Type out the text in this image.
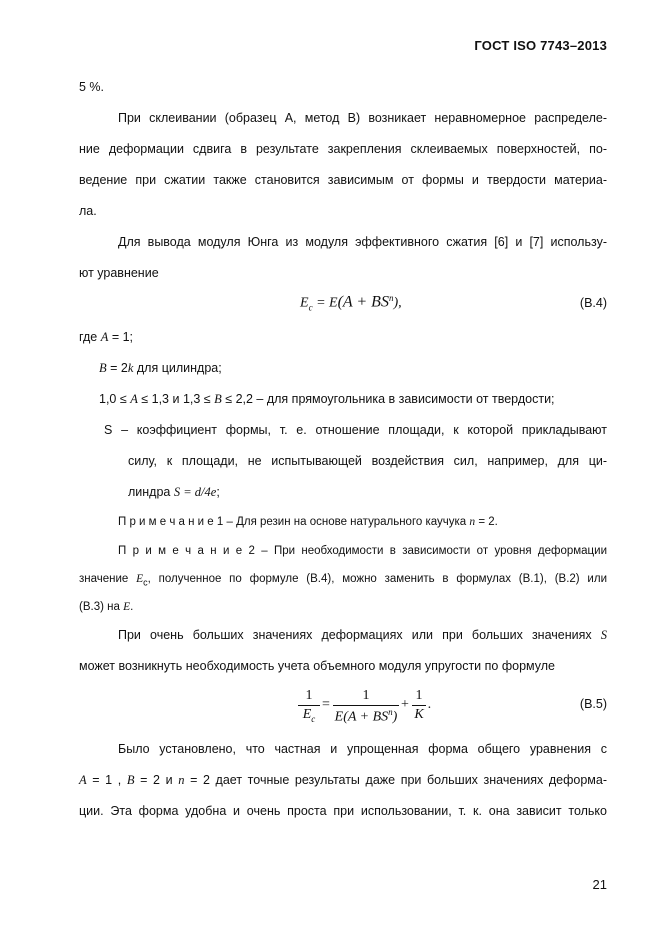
ГОСТ ISO 7743–2013
5 %.
При склеивании (образец А, метод В) возникает неравномерное распределе-
ние деформации сдвига в результате закрепления склеиваемых поверхностей, по-
ведение при сжатии также становится зависимым от формы и твердости материа-
ла.
Для вывода модуля Юнга из модуля эффективного сжатия [6] и [7] использу-
ют уравнение
$E_c = E(A + BS^n)$,	(В.4)
где A = 1;
B = 2k для цилиндра;
1,0 ≤ A ≤ 1,3 и 1,3 ≤ B ≤ 2,2 – для прямоугольника в зависимости от твердости;
S – коэффициент формы, т. е. отношение площади, к которой прикладывают
силу, к площади, не испытывающей воздействия сил, например, для ци-
линдра S = d/4e;
П р и м е ч а н и е 1 – Для резин на основе натурального каучука n = 2.
П р и м е ч а н и е 2 – При необходимости в зависимости от уровня деформации
значение $E_c$, полученное по формуле (В.4), можно заменить в формулах (В.1), (В.2) или
(В.3) на E.
При очень больших значениях деформациях или при больших значениях S
может возникнуть необходимость учета объемного модуля упругости по формуле
1
$E_c$
=
1
$E(A + BS^n)$
+
1
K
.	(В.5)
Было установлено, что частная и упрощенная форма общего уравнения с
A = 1 , B = 2 и n = 2 дает точные результаты даже при больших значениях деформа-
ции. Эта форма удобна и очень проста при использовании, т. к. она зависит только
21
